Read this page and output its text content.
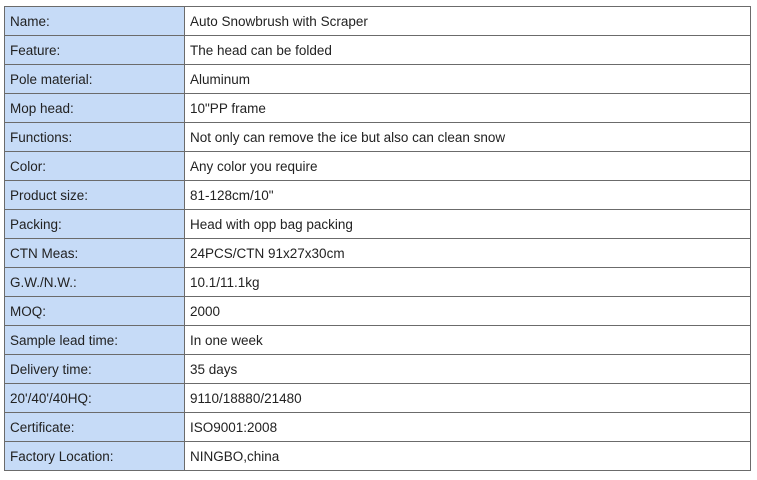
Name:	Auto Snowbrush with Scraper
Feature:	The head can be folded
Pole material:	Aluminum
Mop head:	10"PP frame
Functions:	Not only can remove the ice but also can clean snow
Color:	Any color you require
Product size:	81-128cm/10"
Packing:	Head with opp bag packing
CTN Meas:	24PCS/CTN 91x27x30cm
G.W./N.W.:	10.1/11.1kg
MOQ:	2000
Sample lead time:	In one week
Delivery time:	35 days
20'/40'/40HQ:	9110/18880/21480
Certificate:	ISO9001:2008
Factory Location:	NINGBO,china
